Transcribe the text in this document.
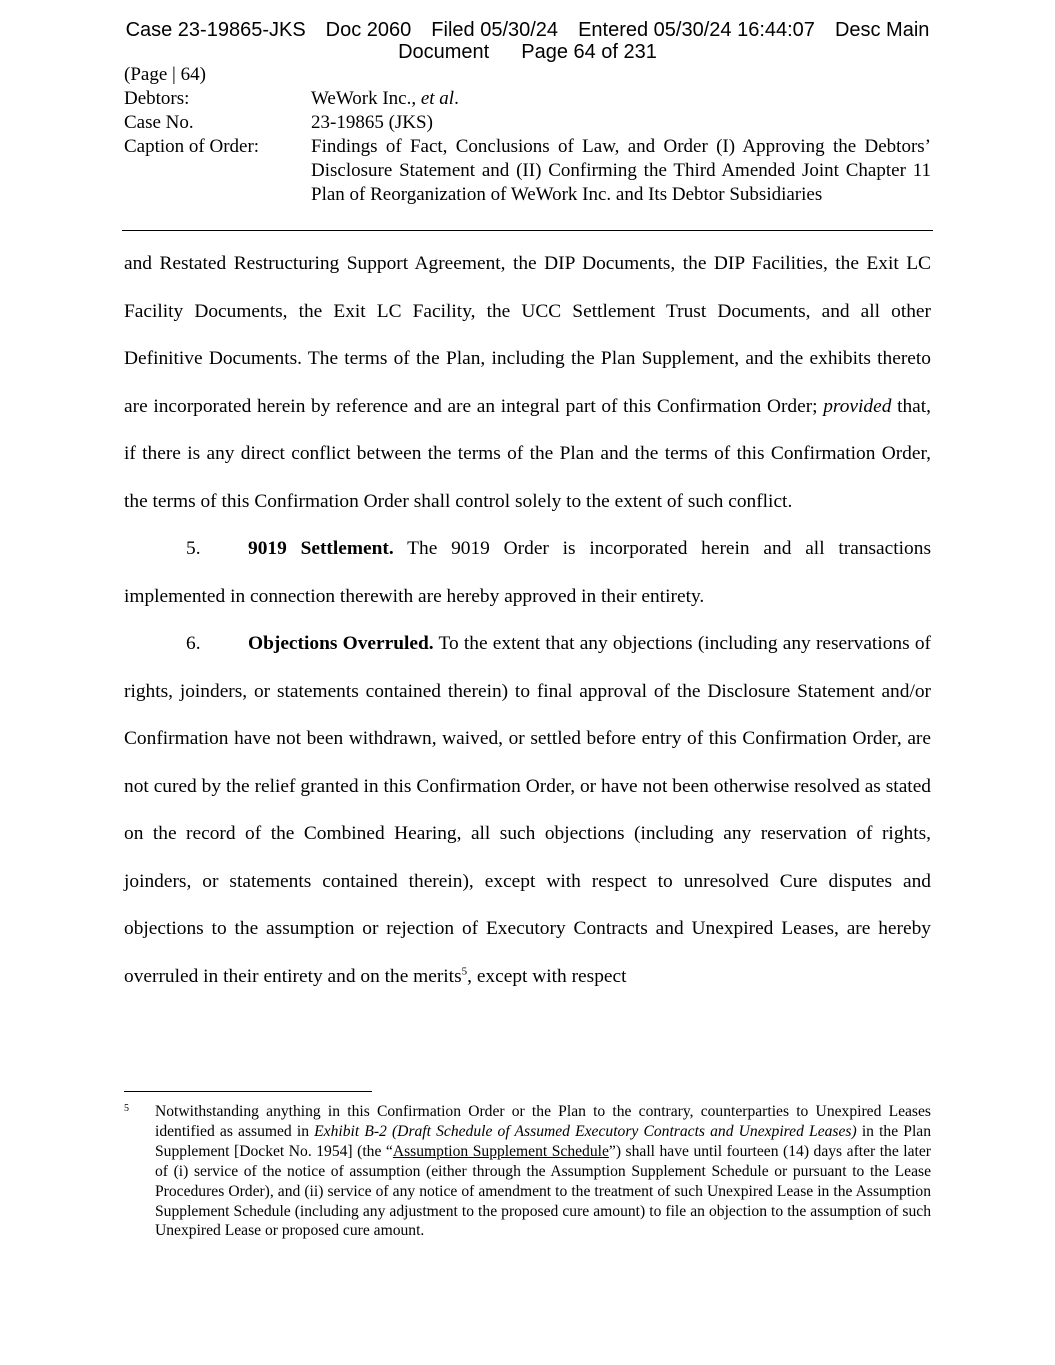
Case 23-19865-JKS Doc 2060 Filed 05/30/24 Entered 05/30/24 16:44:07 Desc Main
Document Page 64 of 231
(Page | 64)
Debtors:	WeWork Inc., et al.
Case No.	23-19865 (JKS)
Caption of Order:	Findings of Fact, Conclusions of Law, and Order (I) Approving the Debtors’ Disclosure Statement and (II) Confirming the Third Amended Joint Chapter 11 Plan of Reorganization of WeWork Inc. and Its Debtor Subsidiaries

and Restated Restructuring Support Agreement, the DIP Documents, the DIP Facilities, the Exit LC Facility Documents, the Exit LC Facility, the UCC Settlement Trust Documents, and all other Definitive Documents. The terms of the Plan, including the Plan Supplement, and the exhibits thereto are incorporated herein by reference and are an integral part of this Confirmation Order; provided that, if there is any direct conflict between the terms of the Plan and the terms of this Confirmation Order, the terms of this Confirmation Order shall control solely to the extent of such conflict.

5. 9019 Settlement. The 9019 Order is incorporated herein and all transactions implemented in connection therewith are hereby approved in their entirety.

6. Objections Overruled. To the extent that any objections (including any reservations of rights, joinders, or statements contained therein) to final approval of the Disclosure Statement and/or Confirmation have not been withdrawn, waived, or settled before entry of this Confirmation Order, are not cured by the relief granted in this Confirmation Order, or have not been otherwise resolved as stated on the record of the Combined Hearing, all such objections (including any reservation of rights, joinders, or statements contained therein), except with respect to unresolved Cure disputes and objections to the assumption or rejection of Executory Contracts and Unexpired Leases, are hereby overruled in their entirety and on the merits$^5$, except with respect

5	Notwithstanding anything in this Confirmation Order or the Plan to the contrary, counterparties to Unexpired Leases identified as assumed in Exhibit B-2 (Draft Schedule of Assumed Executory Contracts and Unexpired Leases) in the Plan Supplement [Docket No. 1954] (the “Assumption Supplement Schedule”) shall have until fourteen (14) days after the later of (i) service of the notice of assumption (either through the Assumption Supplement Schedule or pursuant to the Lease Procedures Order), and (ii) service of any notice of amendment to the treatment of such Unexpired Lease in the Assumption Supplement Schedule (including any adjustment to the proposed cure amount) to file an objection to the assumption of such Unexpired Lease or proposed cure amount.
